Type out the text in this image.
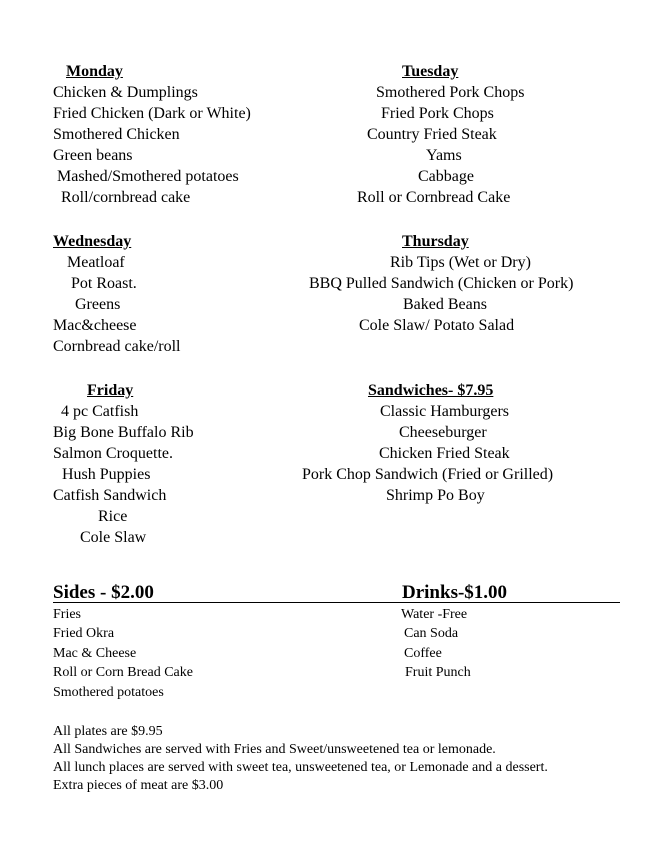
Monday
Chicken & Dumplings
Fried Chicken (Dark or White)
Smothered Chicken
Green beans
Mashed/Smothered potatoes
Roll/cornbread cake
Tuesday
Smothered Pork Chops
Fried Pork Chops
Country Fried Steak
Yams
Cabbage
Roll or Cornbread Cake
Wednesday
Meatloaf
Pot Roast.
Greens
Mac&cheese
Cornbread cake/roll
Thursday
Rib Tips (Wet or Dry)
BBQ Pulled Sandwich (Chicken or Pork)
Baked Beans
Cole Slaw/ Potato Salad
Friday
4 pc Catfish
Big Bone Buffalo Rib
Salmon Croquette.
Hush Puppies
Catfish Sandwich
Rice
Cole Slaw
Sandwiches- $7.95
Classic Hamburgers
Cheeseburger
Chicken Fried Steak
Pork Chop Sandwich (Fried or Grilled)
Shrimp Po Boy
Sides - $2.00	Drinks-$1.00
Fries
Fried Okra
Mac & Cheese
Roll or Corn Bread Cake
Smothered potatoes
Water -Free
Can Soda
Coffee
Fruit Punch
All plates are $9.95
All Sandwiches are served with Fries and Sweet/unsweetened tea or lemonade.
All lunch places are served with sweet tea, unsweetened tea, or Lemonade and a dessert.
Extra pieces of meat are $3.00
